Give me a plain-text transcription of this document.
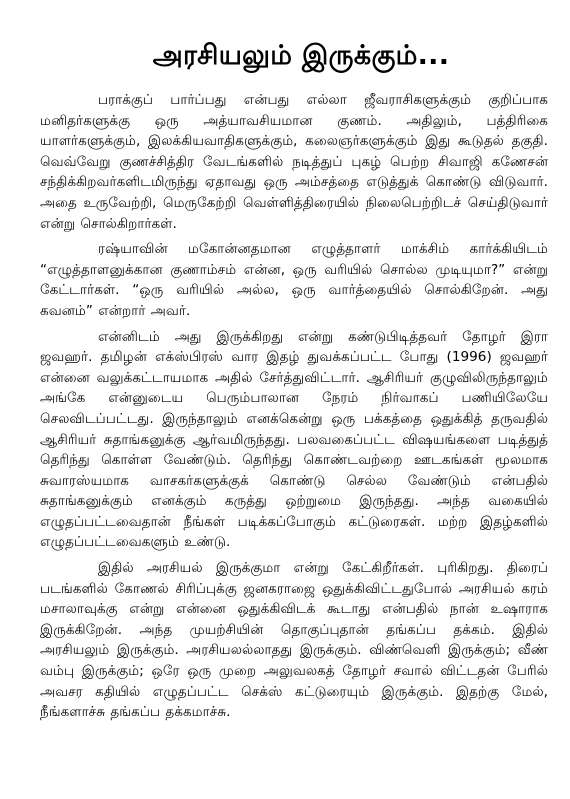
அரசியலும் இருக்கும்...

பராக்குப் பார்ப்பது என்பது எல்லா ஜீவராசிகளுக்கும் குறிப்பாக மனிதர்களுக்கு ஒரு அத்யாவசியமான குணம். அதிலும், பத்திரிகை யாளர்களுக்கும், இலக்கியவாதிகளுக்கும், கலைஞர்களுக்கும் இது கூடுதல் தகுதி. வெவ்வேறு குணச்சித்திர வேடங்களில் நடித்துப் புகழ் பெற்ற சிவாஜி கணேசன் சந்திக்கிறவர்களிடமிருந்து ஏதாவது ஒரு அம்சத்தை எடுத்துக் கொண்டு விடுவார். அதை உருவேற்றி, மெருகேற்றி வெள்ளித்திரையில் நிலைபெற்றிடச் செய்திடுவார் என்று சொல்கிறார்கள்.

ரஷ்யாவின் மகோன்னதமான எழுத்தாளர் மாக்சிம் கார்க்கியிடம் “எழுத்தாளனுக்கான குணாம்சம் என்ன, ஒரு வரியில் சொல்ல முடியுமா?” என்று கேட்டார்கள். “ஒரு வரியில் அல்ல, ஒரு வார்த்தையில் சொல்கிறேன். அது கவனம்” என்றார் அவர்.

என்னிடம் அது இருக்கிறது என்று கண்டுபிடித்தவர் தோழர் இரா ஜவஹர். தமிழன் எக்ஸ்பிரஸ் வார இதழ் துவக்கப்பட்ட போது (1996) ஜவஹர் என்னை வலுக்கட்டாயமாக அதில் சேர்த்துவிட்டார். ஆசிரியர் குழுவிலிருந்தாலும் அங்கே என்னுடைய பெரும்பாலான நேரம் நிர்வாகப் பணியிலேயே செலவிடப்பட்டது. இருந்தாலும் எனக்கென்று ஒரு பக்கத்தை ஒதுக்கித் தருவதில் ஆசிரியர் சுதாங்கனுக்கு ஆர்வமிருந்தது. பலவகைப்பட்ட விஷயங்களை படித்துத் தெரிந்து கொள்ள வேண்டும். தெரிந்து கொண்டவற்றை ஊடகங்கள் மூலமாக சுவாரஸ்யமாக வாசகர்களுக்குக் கொண்டு செல்ல வேண்டும் என்பதில் சுதாங்கனுக்கும் எனக்கும் கருத்து ஒற்றுமை இருந்தது. அந்த வகையில் எழுதப்பட்டவைதான் நீங்கள் படிக்கப்போகும் கட்டுரைகள். மற்ற இதழ்களில் எழுதப்பட்டவைகளும் உண்டு.

இதில் அரசியல் இருக்குமா என்று கேட்கிறீர்கள். புரிகிறது. திரைப் படங்களில் கோணல் சிரிப்புக்கு ஜனகராஜை ஒதுக்கிவிட்டதுபோல் அரசியல் கரம் மசாலாவுக்கு என்று என்னை ஒதுக்கிவிடக் கூடாது என்பதில் நான் உஷாராக இருக்கிறேன். அந்த முயற்சியின் தொகுப்புதான் தங்கப்ப தக்கம். இதில் அரசியலும் இருக்கும். அரசியலல்லாதது இருக்கும். விண்வெளி இருக்கும்; வீண் வம்பு இருக்கும்; ஒரே ஒரு முறை அலுவலகத் தோழர் சவால் விட்டதன் பேரில் அவசர கதியில் எழுதப்பட்ட செக்ஸ் கட்டுரையும் இருக்கும். இதற்கு மேல், நீங்களாச்சு தங்கப்ப தக்கமாச்சு.
